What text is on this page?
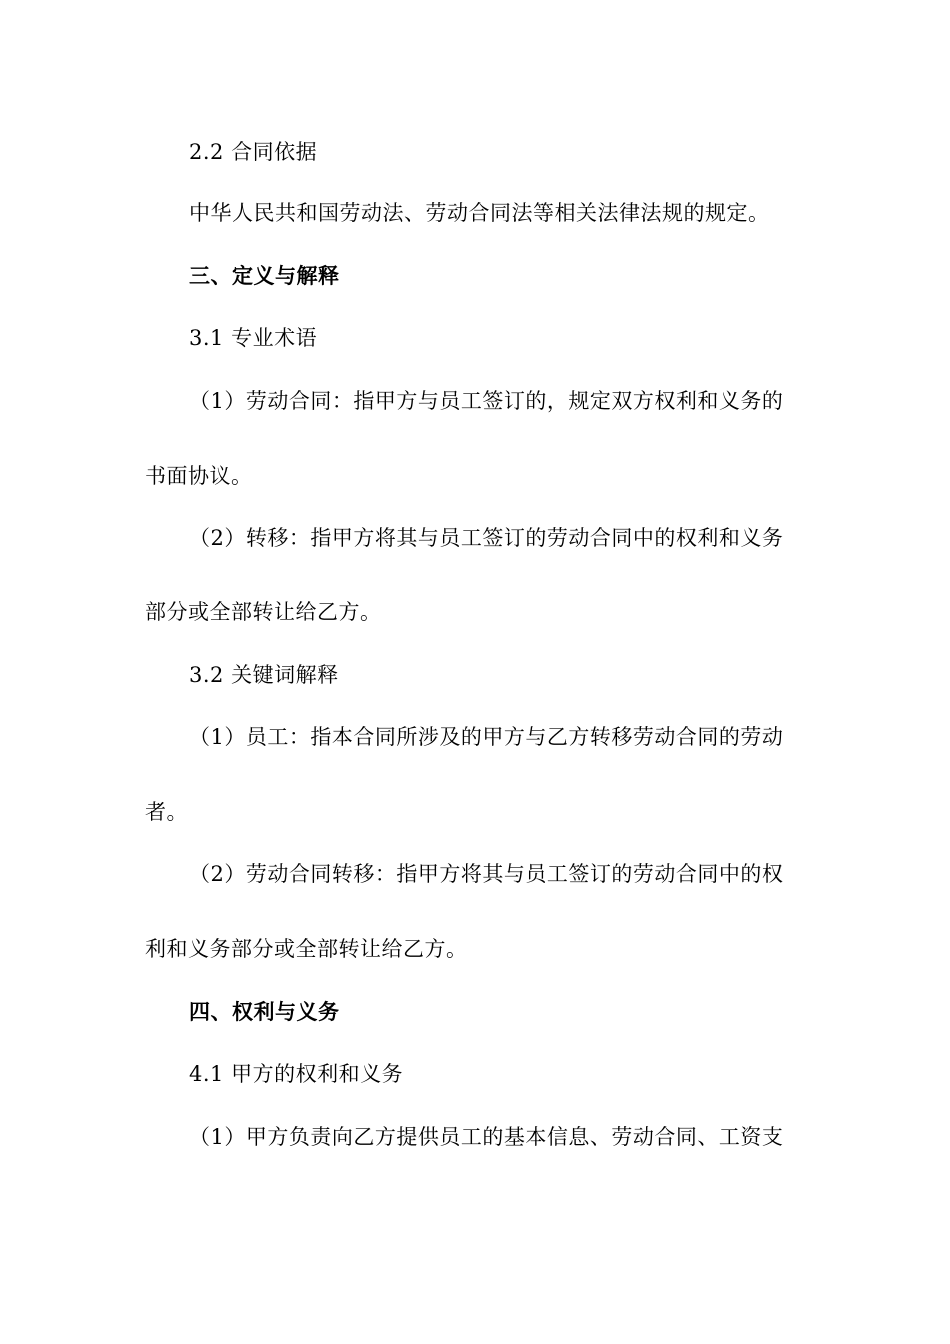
2.2 合同依据
中华人民共和国劳动法、劳动合同法等相关法律法规的规定。
三、定义与解释
3.1 专业术语
（1）劳动合同：指甲方与员工签订的，规定双方权利和义务的
书面协议。
（2）转移：指甲方将其与员工签订的劳动合同中的权利和义务
部分或全部转让给乙方。
3.2 关键词解释
（1）员工：指本合同所涉及的甲方与乙方转移劳动合同的劳动
者。
（2）劳动合同转移：指甲方将其与员工签订的劳动合同中的权
利和义务部分或全部转让给乙方。
四、权利与义务
4.1 甲方的权利和义务
（1）甲方负责向乙方提供员工的基本信息、劳动合同、工资支
